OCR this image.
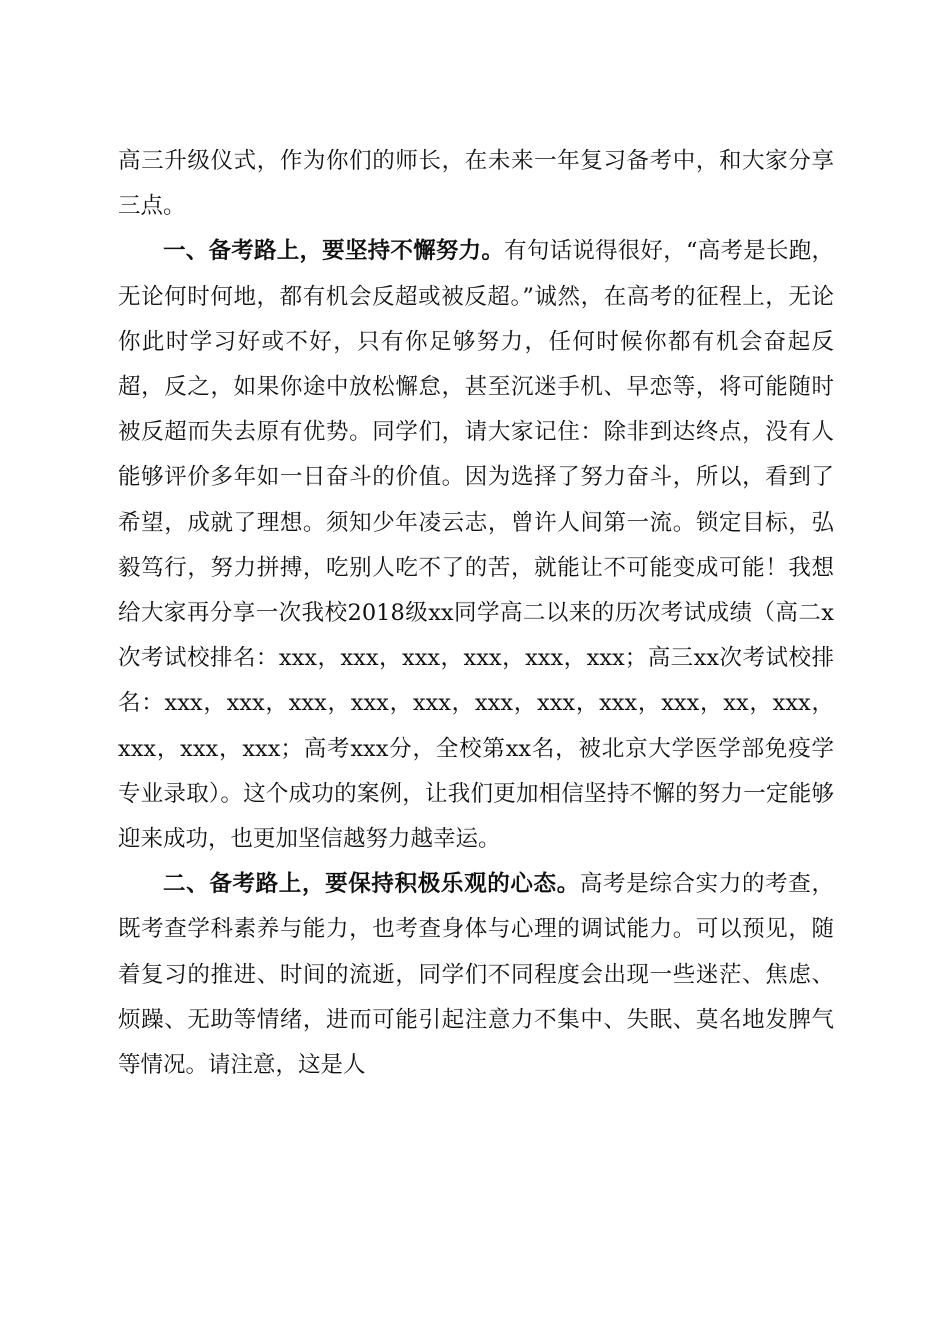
高三升级仪式，作为你们的师长，在未来一年复习备考中，和大家分享三点。

一、备考路上，要坚持不懈努力。有句话说得很好，“高考是长跑，无论何时何地，都有机会反超或被反超。”诚然，在高考的征程上，无论你此时学习好或不好，只有你足够努力，任何时候你都有机会奋起反超，反之，如果你途中放松懈怠，甚至沉迷手机、早恋等，将可能随时被反超而失去原有优势。同学们，请大家记住：除非到达终点，没有人能够评价多年如一日奋斗的价值。因为选择了努力奋斗，所以，看到了希望，成就了理想。须知少年凌云志，曾许人间第一流。锁定目标，弘毅笃行，努力拼搏，吃别人吃不了的苦，就能让不可能变成可能！我想给大家再分享一次我校2018级xx同学高二以来的历次考试成绩（高二x次考试校排名：xxx，xxx，xxx，xxx，xxx，xxx；高三xx次考试校排名：xxx，xxx，xxx，xxx，xxx，xxx，xxx，xxx，xxx，xx，xxx，xxx，xxx，xxx；高考xxx分，全校第xx名，被北京大学医学部免疫学专业录取）。这个成功的案例，让我们更加相信坚持不懈的努力一定能够迎来成功，也更加坚信越努力越幸运。

二、备考路上，要保持积极乐观的心态。高考是综合实力的考查，既考查学科素养与能力，也考查身体与心理的调试能力。可以预见，随着复习的推进、时间的流逝，同学们不同程度会出现一些迷茫、焦虑、烦躁、无助等情绪，进而可能引起注意力不集中、失眠、莫名地发脾气等情况。请注意，这是人
